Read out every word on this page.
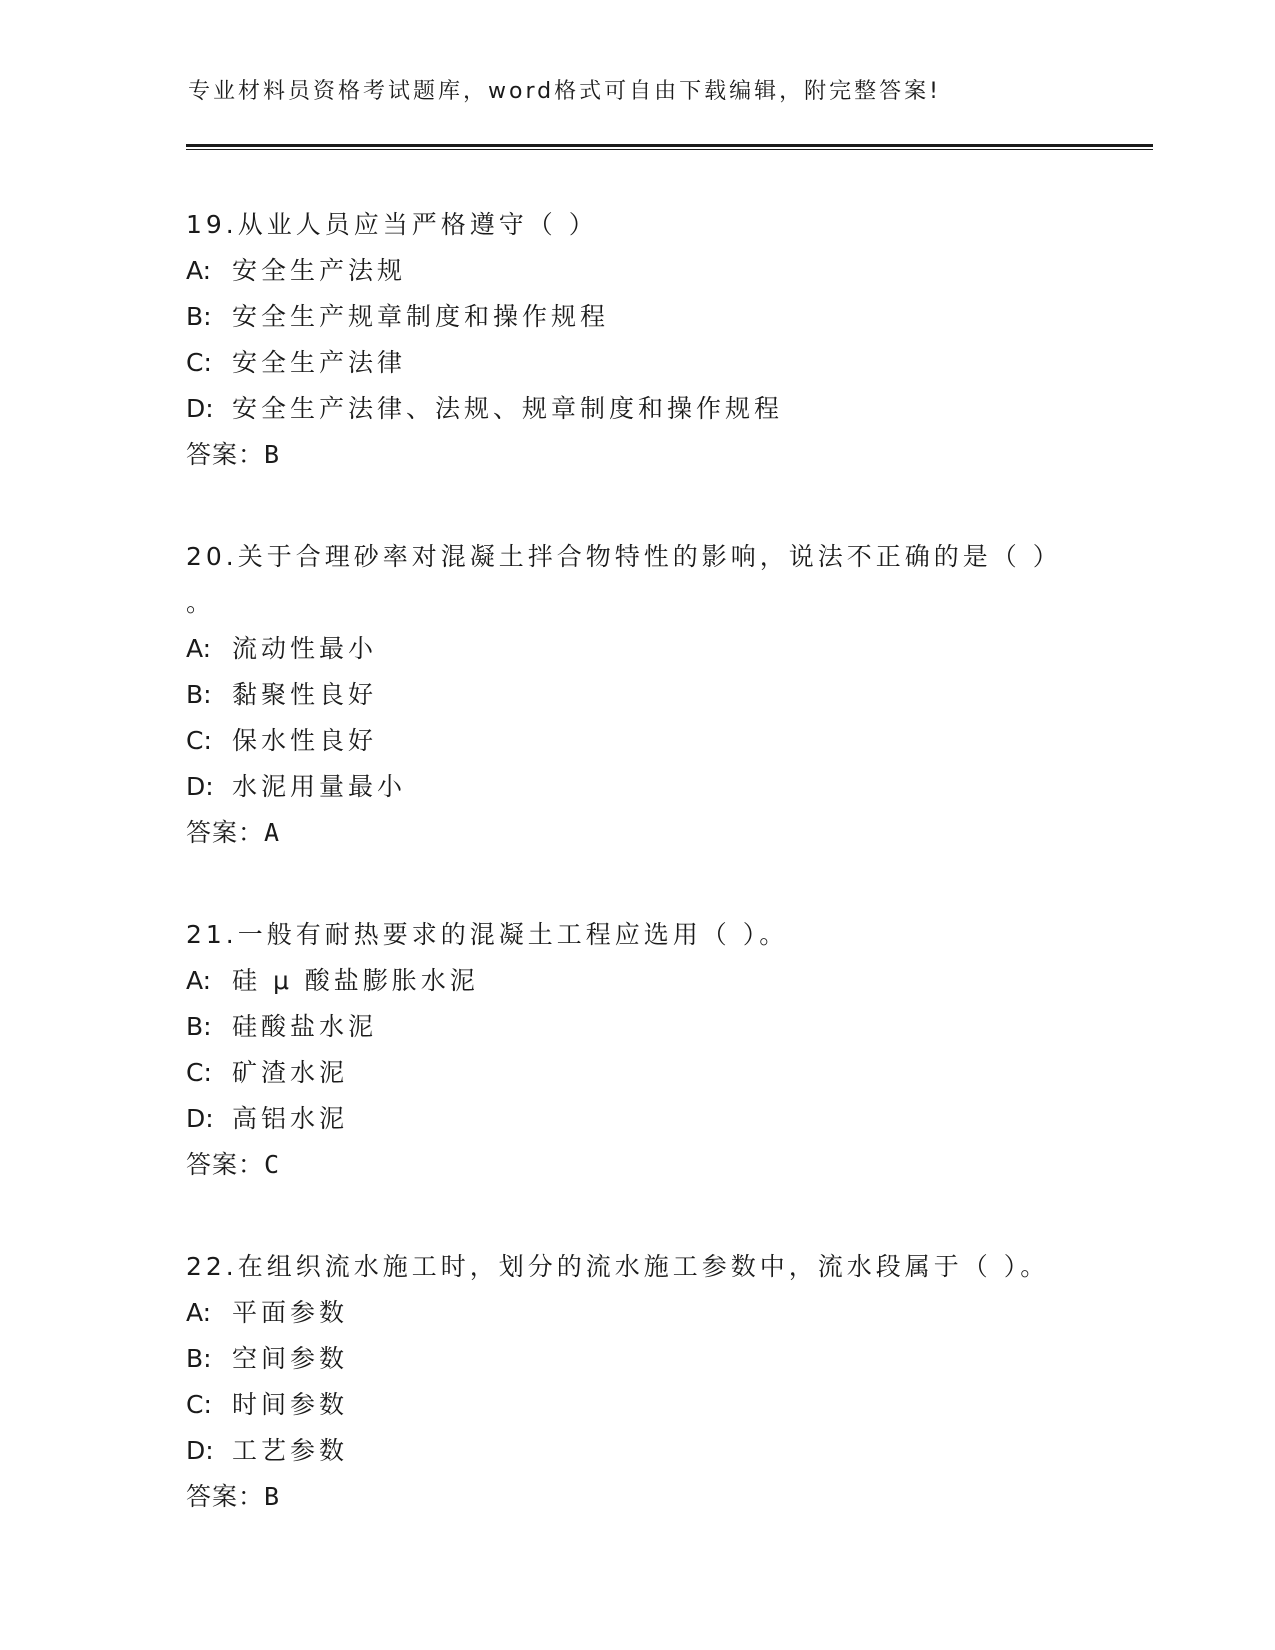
专业材料员资格考试题库，word格式可自由下载编辑，附完整答案!
19.从业人员应当严格遵守（ ）
A: 安全生产法规
B: 安全生产规章制度和操作规程
C: 安全生产法律
D: 安全生产法律、法规、规章制度和操作规程
答案：B
20.关于合理砂率对混凝土拌合物特性的影响，说法不正确的是（ ）
。
A: 流动性最小
B: 黏聚性良好
C: 保水性良好
D: 水泥用量最小
答案：A
21.一般有耐热要求的混凝土工程应选用（ ）。
A: 硅 μ 酸盐膨胀水泥
B: 硅酸盐水泥
C: 矿渣水泥
D: 高铝水泥
答案：C
22.在组织流水施工时，划分的流水施工参数中，流水段属于（ ）。
A: 平面参数
B: 空间参数
C: 时间参数
D: 工艺参数
答案：B
